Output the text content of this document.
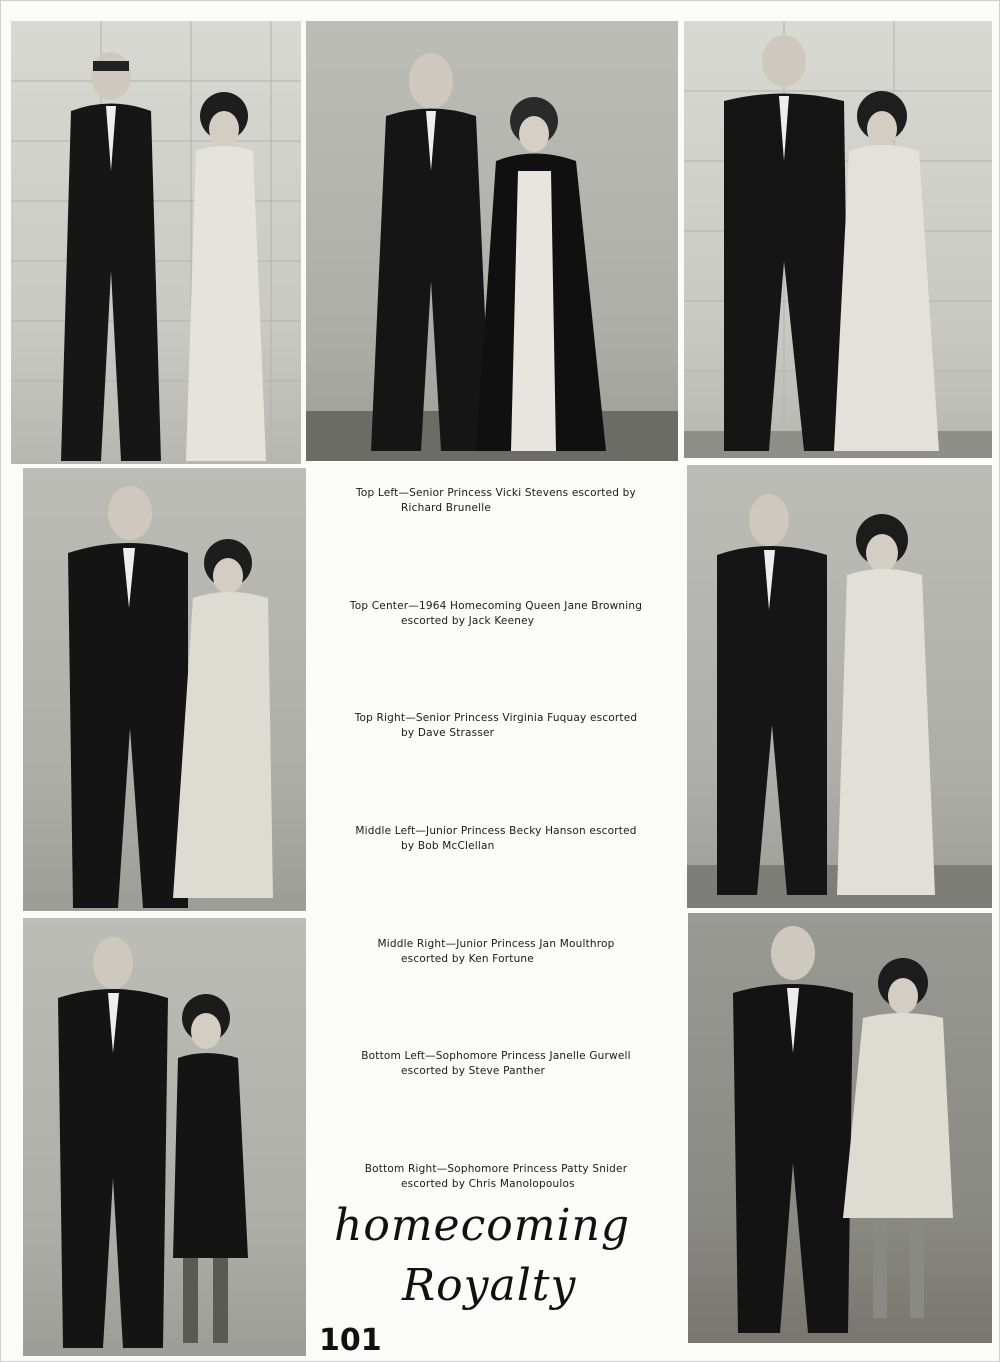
Top Left—Senior Princess Vicki Stevens escorted by
Richard Brunelle
Top Center—1964 Homecoming Queen Jane Browning
escorted by Jack Keeney
Top Right—Senior Princess Virginia Fuquay escorted
by Dave Strasser
Middle Left—Junior Princess Becky Hanson escorted
by Bob McClellan
Middle Right—Junior Princess Jan Moulthrop
escorted by Ken Fortune
Bottom Left—Sophomore Princess Janelle Gurwell
escorted by Steve Panther
Bottom Right—Sophomore Princess Patty Snider
escorted by Chris Manolopoulos
homecoming
Royalty
101
